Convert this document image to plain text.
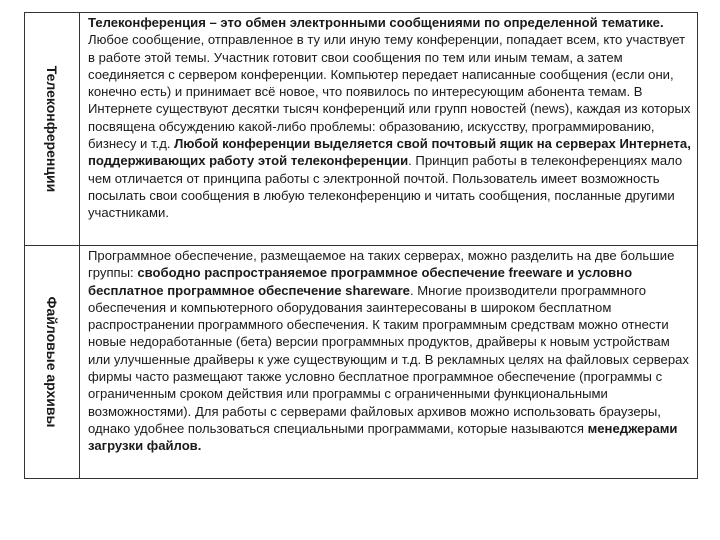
Телеконференции	Телеконференция – это обмен электронными сообщениями по определенной тематике. Любое сообщение, отправленное в ту или иную тему конференции, попадает всем, кто участвует в работе этой темы. Участник готовит свои сообщения по тем или иным темам, а затем соединяется с сервером конференции. Компьютер передает написанные сообщения (если они, конечно есть) и принимает всё новое, что появилось по интересующим абонента темам. В Интернете существуют десятки тысяч конференций или групп новостей (news), каждая из которых посвящена обсуждению какой-либо проблемы: образованию, искусству, программированию, бизнесу и т.д. Любой конференции выделяется свой почтовый ящик на серверах Интернета, поддерживающих работу этой телеконференции. Принцип работы в телеконференциях мало чем отличается от принципа работы с электронной почтой. Пользователь имеет возможность посылать свои сообщения в любую телеконференцию и читать сообщения, посланные другими участниками.

Файловые архивы	Программное обеспечение, размещаемое на таких серверах, можно разделить на две большие группы: свободно распространяемое программное обеспечение freeware и условно бесплатное программное обеспечение shareware. Многие производители программного обеспечения и компьютерного оборудования заинтересованы в широком бесплатном распространении программного обеспечения. К таким программным средствам можно отнести новые недоработанные (бета) версии программных продуктов, драйверы к новым устройствам или улучшенные драйверы к уже существующим и т.д. В рекламных целях на файловых серверах фирмы часто размещают также условно бесплатное программное обеспечение (программы с ограниченным сроком действия или программы с ограниченными функциональными возможностями). Для работы с серверами файловых архивов можно использовать браузеры, однако удобнее пользоваться специальными программами, которые называются менеджерами загрузки файлов.
